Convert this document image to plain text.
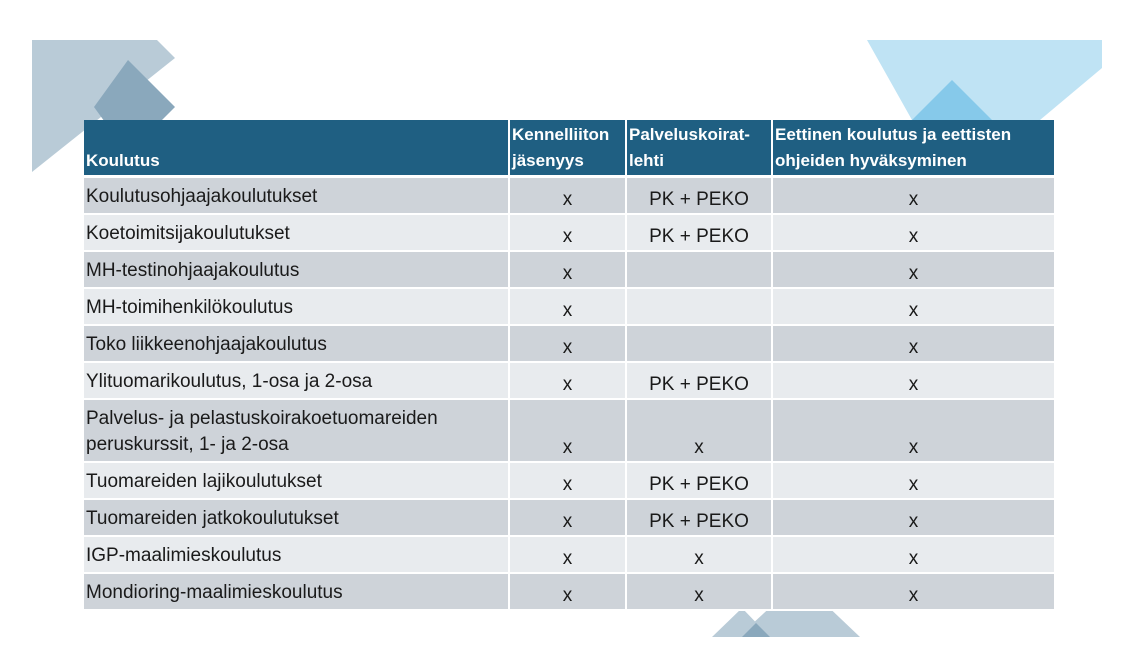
Koulutus	Kennelliiton jäsenyys	Palveluskoirat-lehti	Eettinen koulutus ja eettisten ohjeiden hyväksyminen
Koulutusohjaajakoulutukset	x	PK + PEKO	x
Koetoimitsijakoulutukset	x	PK + PEKO	x
MH-testinohjaajakoulutus	x		x
MH-toimihenkilökoulutus	x		x
Toko liikkeenohjaajakoulutus	x		x
Ylituomarikoulutus, 1-osa ja 2-osa	x	PK + PEKO	x
Palvelus- ja pelastuskoirakoetuomareiden peruskurssit, 1- ja 2-osa	x	x	x
Tuomareiden lajikoulutukset	x	PK + PEKO	x
Tuomareiden jatkokoulutukset	x	PK + PEKO	x
IGP-maalimieskoulutus	x	x	x
Mondioring-maalimieskoulutus	x	x	x
